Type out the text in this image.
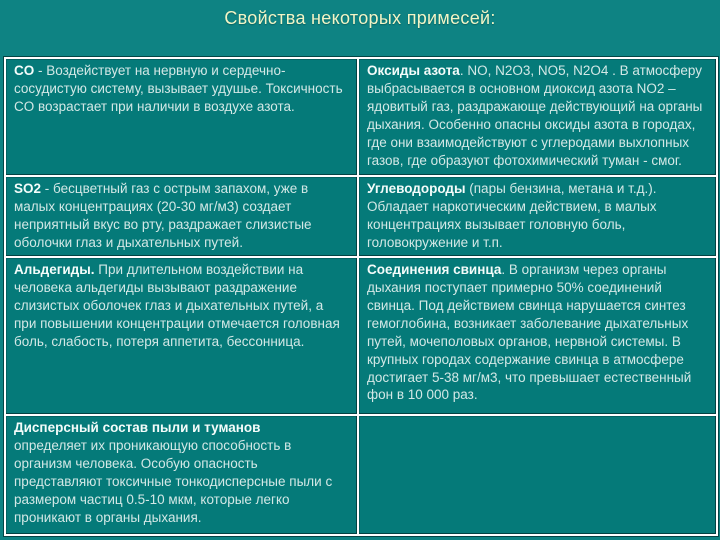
Свойства некоторых примесей:
CO - Воздействует на нервную и сердечно-сосудистую систему, вызывает удушье. Токсичность CO возрастает при наличии в воздухе азота.	Оксиды азота. NO, N2O3, NO5, N2O4 . В атмосферу выбрасывается в основном диоксид азота NO2 – ядовитый газ, раздражающе действующий на органы дыхания. Особенно опасны оксиды азота в городах, где они взаимодействуют с углеродами выхлопных газов, где образуют фотохимический туман - смог.
SO2 - бесцветный газ с острым запахом, уже в малых концентрациях (20-30 мг/м3) создает неприятный вкус во рту, раздражает слизистые оболочки глаз и дыхательных путей.	Углеводороды (пары бензина, метана и т.д.). Обладает наркотическим действием, в малых концентрациях вызывает головную боль, головокружение и т.п.
Альдегиды. При длительном воздействии на человека альдегиды вызывают раздражение слизистых оболочек глаз и дыхательных путей, а при повышении концентрации отмечается головная боль, слабость, потеря аппетита, бессонница.	Соединения свинца. В организм через органы дыхания поступает примерно 50% соединений свинца. Под действием свинца нарушается синтез гемоглобина, возникает заболевание дыхательных путей, мочеполовых органов, нервной системы. В крупных городах содержание свинца в атмосфере достигает 5-38 мг/м3, что превышает естественный фон в 10 000 раз.

Дисперсный состав пыли и туманов
определяет их проникающую способность в организм человека. Особую опасность представляют токсичные тонкодисперсные пыли с размером частиц 0.5-10 мкм, которые легко проникают в органы дыхания.	
